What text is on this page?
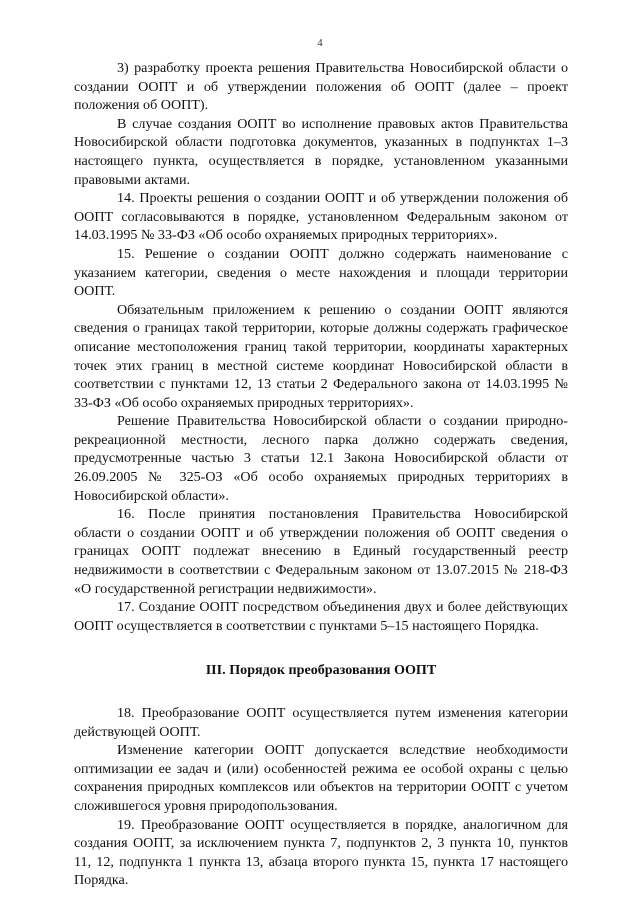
4

3) разработку проекта решения Правительства Новосибирской области о создании ООПТ и об утверждении положения об ООПТ (далее – проект положения об ООПТ).

В случае создания ООПТ во исполнение правовых актов Правительства Новосибирской области подготовка документов, указанных в подпунктах 1–3 настоящего пункта, осуществляется в порядке, установленном указанными правовыми актами.

14. Проекты решения о создании ООПТ и об утверждении положения об ООПТ согласовываются в порядке, установленном Федеральным законом от 14.03.1995 № 33-ФЗ «Об особо охраняемых природных территориях».

15. Решение о создании ООПТ должно содержать наименование с указанием категории, сведения о месте нахождения и площади территории ООПТ.

Обязательным приложением к решению о создании ООПТ являются сведения о границах такой территории, которые должны содержать графическое описание местоположения границ такой территории, координаты характерных точек этих границ в местной системе координат Новосибирской области в соответствии с пунктами 12, 13 статьи 2 Федерального закона от 14.03.1995 № 33-ФЗ «Об особо охраняемых природных территориях».

Решение Правительства Новосибирской области о создании природно-рекреационной местности, лесного парка должно содержать сведения, предусмотренные частью 3 статьи 12.1 Закона Новосибирской области от 26.09.2005 № 325-ОЗ «Об особо охраняемых природных территориях в Новосибирской области».

16. После принятия постановления Правительства Новосибирской области о создании ООПТ и об утверждении положения об ООПТ сведения о границах ООПТ подлежат внесению в Единый государственный реестр недвижимости в соответствии с Федеральным законом от 13.07.2015 № 218-ФЗ «О государственной регистрации недвижимости».

17. Создание ООПТ посредством объединения двух и более действующих ООПТ осуществляется в соответствии с пунктами 5–15 настоящего Порядка.

III. Порядок преобразования ООПТ

18. Преобразование ООПТ осуществляется путем изменения категории действующей ООПТ.

Изменение категории ООПТ допускается вследствие необходимости оптимизации ее задач и (или) особенностей режима ее особой охраны с целью сохранения природных комплексов или объектов на территории ООПТ с учетом сложившегося уровня природопользования.

19. Преобразование ООПТ осуществляется в порядке, аналогичном для создания ООПТ, за исключением пункта 7, подпунктов 2, 3 пункта 10, пунктов 11, 12, подпункта 1 пункта 13, абзаца второго пункта 15, пункта 17 настоящего Порядка.
